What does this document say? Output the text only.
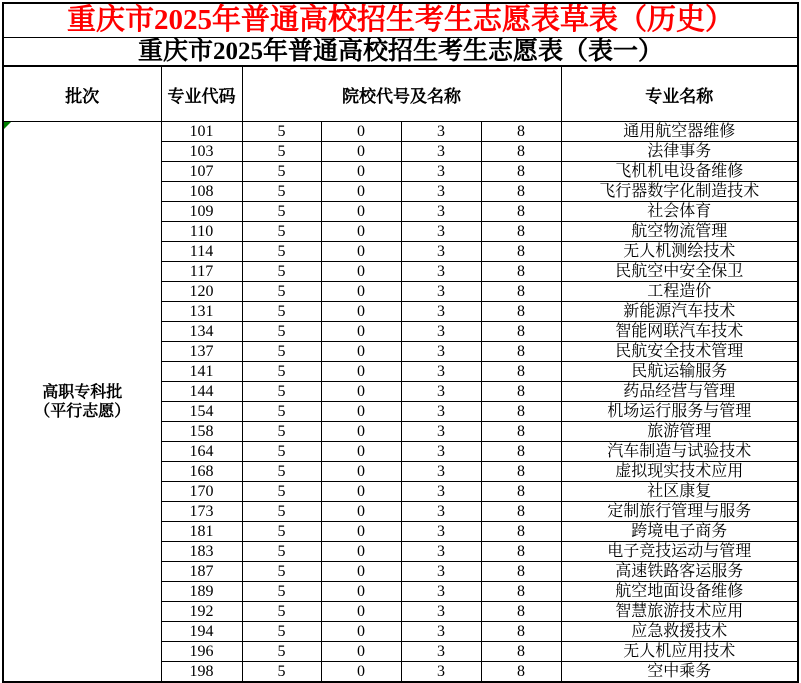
重庆市2025年普通高校招生考生志愿表草表（历史）						
重庆市2025年普通高校招生考生志愿表（表一）						
批次	专业代码	院校代号及名称				专业名称

高职专科批
（平行志愿）	101	5	0	3	8	通用航空器维修
	103	5	0	3	8	法律事务
	107	5	0	3	8	飞机机电设备维修
	108	5	0	3	8	飞行器数字化制造技术
	109	5	0	3	8	社会体育
	110	5	0	3	8	航空物流管理
	114	5	0	3	8	无人机测绘技术
	117	5	0	3	8	民航空中安全保卫
	120	5	0	3	8	工程造价
	131	5	0	3	8	新能源汽车技术
	134	5	0	3	8	智能网联汽车技术
	137	5	0	3	8	民航安全技术管理
	141	5	0	3	8	民航运输服务
	144	5	0	3	8	药品经营与管理
	154	5	0	3	8	机场运行服务与管理
	158	5	0	3	8	旅游管理
	164	5	0	3	8	汽车制造与试验技术
	168	5	0	3	8	虚拟现实技术应用
	170	5	0	3	8	社区康复
	173	5	0	3	8	定制旅行管理与服务
	181	5	0	3	8	跨境电子商务
	183	5	0	3	8	电子竞技运动与管理
	187	5	0	3	8	高速铁路客运服务
	189	5	0	3	8	航空地面设备维修
	192	5	0	3	8	智慧旅游技术应用
	194	5	0	3	8	应急救援技术
	196	5	0	3	8	无人机应用技术
	198	5	0	3	8	空中乘务
